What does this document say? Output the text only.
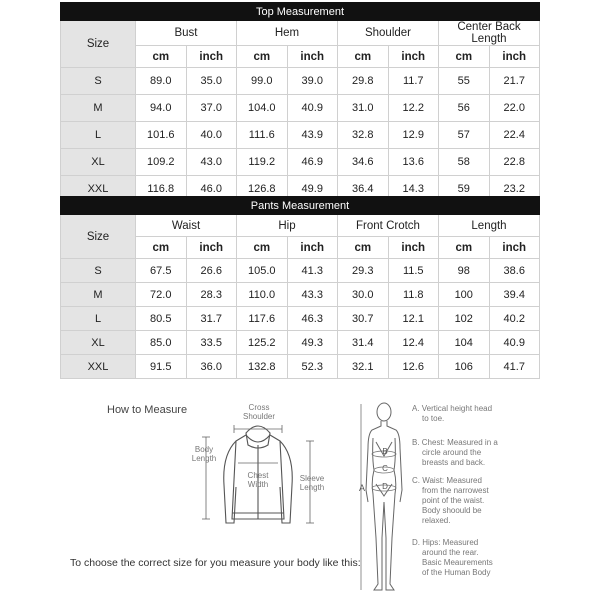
Top Measurement								
Size	Bust		Hem		Shoulder		Center Back Length	
	cm	inch	cm	inch	cm	inch	cm	inch
S	89.0	35.0	99.0	39.0	29.8	11.7	55	21.7
M	94.0	37.0	104.0	40.9	31.0	12.2	56	22.0
L	101.6	40.0	111.6	43.9	32.8	12.9	57	22.4
XL	109.2	43.0	119.2	46.9	34.6	13.6	58	22.8
XXL	116.8	46.0	126.8	49.9	36.4	14.3	59	23.2
Pants Measurement								
Size	Waist		Hip		Front Crotch		Length	
	cm	inch	cm	inch	cm	inch	cm	inch
S	67.5	26.6	105.0	41.3	29.3	11.5	98	38.6
M	72.0	28.3	110.0	43.3	30.0	11.8	100	39.4
L	80.5	31.7	117.6	46.3	30.7	12.1	102	40.2
XL	85.0	33.5	125.2	49.3	31.4	12.4	104	40.9
XXL	91.5	36.0	132.8	52.3	32.1	12.6	106	41.7
How to Measure	Cross
Shoulder
Body
Length
Chest
Width
Sleeve
Length	A
B
C
D
A. Vertical height head
to toe.
B. Chest: Measured in a
circle around the
breasts and back.
C. Waist: Measured
from the narrowest
point of the waist.
Body shoould be
relaxed.
D. Hips: Measured
around the rear.
Basic Meaurements
of the Human Body
To choose the correct size for you measure your body like this:
